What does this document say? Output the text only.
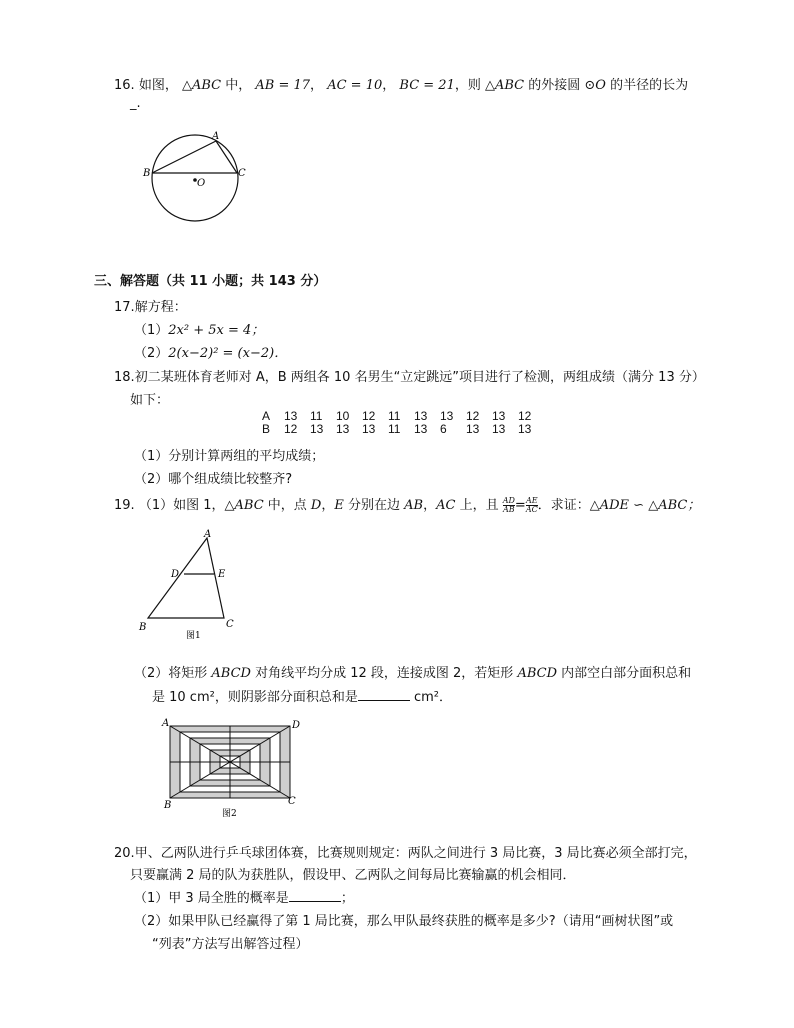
16. 如图， △ABC 中， AB = 17， AC = 10， BC = 21，则 △ABC 的外接圆 ⊙O 的半径的长为
_.
A
B	C
O
三、解答题（共 11 小题；共 143 分）
17.解方程：
（1）2x² + 5x = 4；
（2）2(x−2)² = (x−2)．
18.初二某班体育老师对 A，B 两组各 10 名男生“立定跳远”项目进行了检测，两组成绩（满分 13 分）
如下：
A	13	11	10	12	11	13	13	12	13	12
B	12	13	13	13	11	13	6	13	13	13
（1）分别计算两组的平均成绩；
（2）哪个组成绩比较整齐?
19. （1）如图 1，△ABC 中，点 D，E 分别在边 AB，AC 上，且 $\frac{AD}{AB} = \frac{AE}{AC}$ ．求证：△ADE ∽ △ABC；
A
D	E
B	C
图1
（2）将矩形 ABCD 对角线平均分成 12 段，连接成图 2，若矩形 ABCD 内部空白部分面积总和
是 10 cm²，则阴影部分面积总和是	cm²．
A	D
B	C
图2
20.甲、乙两队进行乒乓球团体赛，比赛规则规定：两队之间进行 3 局比赛，3 局比赛必须全部打完，
只要赢满 2 局的队为获胜队，假设甲、乙两队之间每局比赛输赢的机会相同．
（1）甲 3 局全胜的概率是	；
（2）如果甲队已经赢得了第 1 局比赛，那么甲队最终获胜的概率是多少?（请用“画树状图”或
“列表”方法写出解答过程）
